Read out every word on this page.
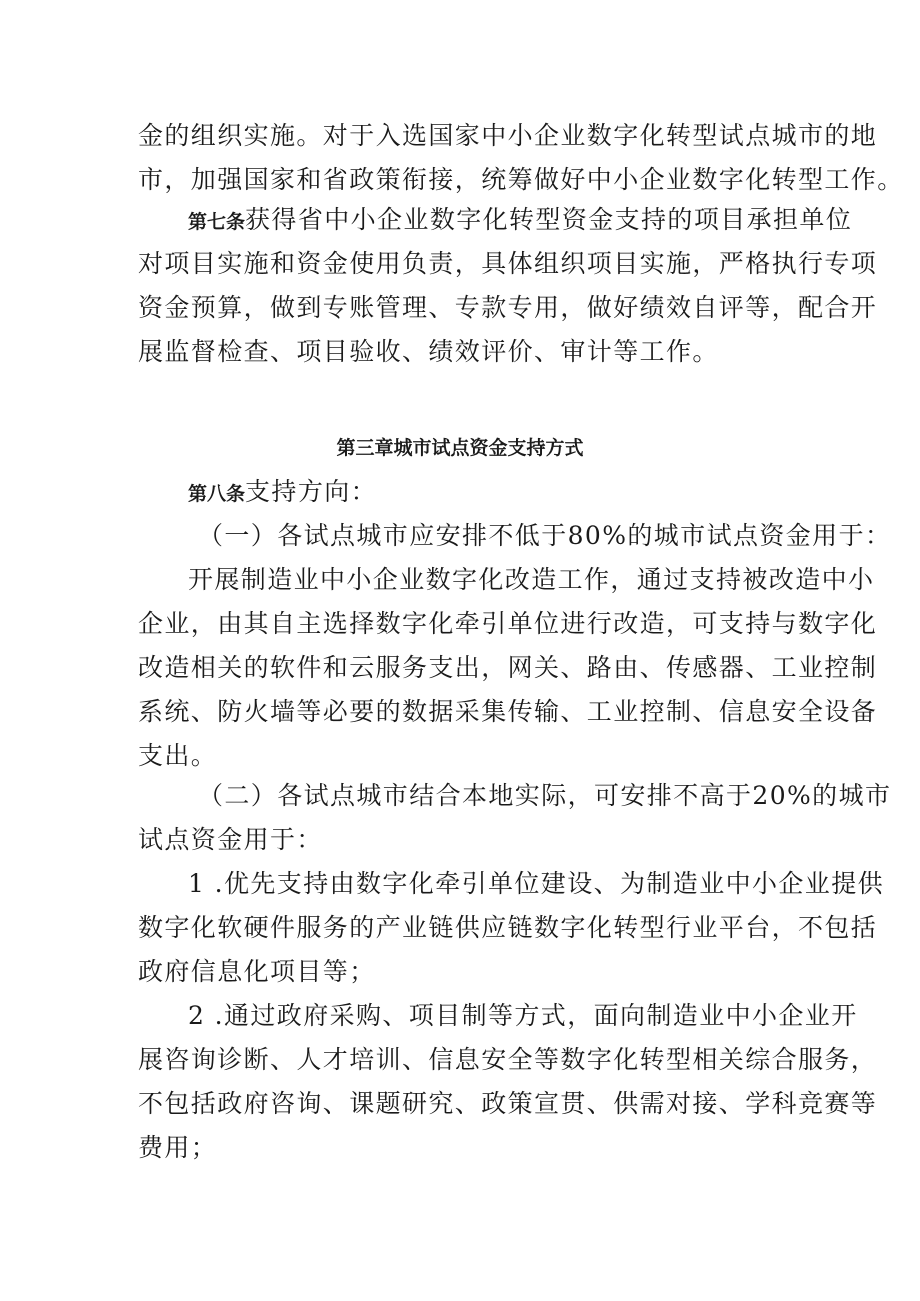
金的组织实施。对于入选国家中小企业数字化转型试点城市的地
市，加强国家和省政策衔接，统筹做好中小企业数字化转型工作。
第七条获得省中小企业数字化转型资金支持的项目承担单位
对项目实施和资金使用负责，具体组织项目实施，严格执行专项
资金预算，做到专账管理、专款专用，做好绩效自评等，配合开
展监督检查、项目验收、绩效评价、审计等工作。
第三章城市试点资金支持方式
第八条支持方向：
（一）各试点城市应安排不低于80%的城市试点资金用于：
开展制造业中小企业数字化改造工作，通过支持被改造中小
企业，由其自主选择数字化牵引单位进行改造，可支持与数字化
改造相关的软件和云服务支出，网关、路由、传感器、工业控制
系统、防火墙等必要的数据采集传输、工业控制、信息安全设备
支出。
（二）各试点城市结合本地实际，可安排不高于20%的城市
试点资金用于：
1 .优先支持由数字化牵引单位建设、为制造业中小企业提供
数字化软硬件服务的产业链供应链数字化转型行业平台，不包括
政府信息化项目等；
2 .通过政府采购、项目制等方式，面向制造业中小企业开
展咨询诊断、人才培训、信息安全等数字化转型相关综合服务，
不包括政府咨询、课题研究、政策宣贯、供需对接、学科竞赛等
费用；
